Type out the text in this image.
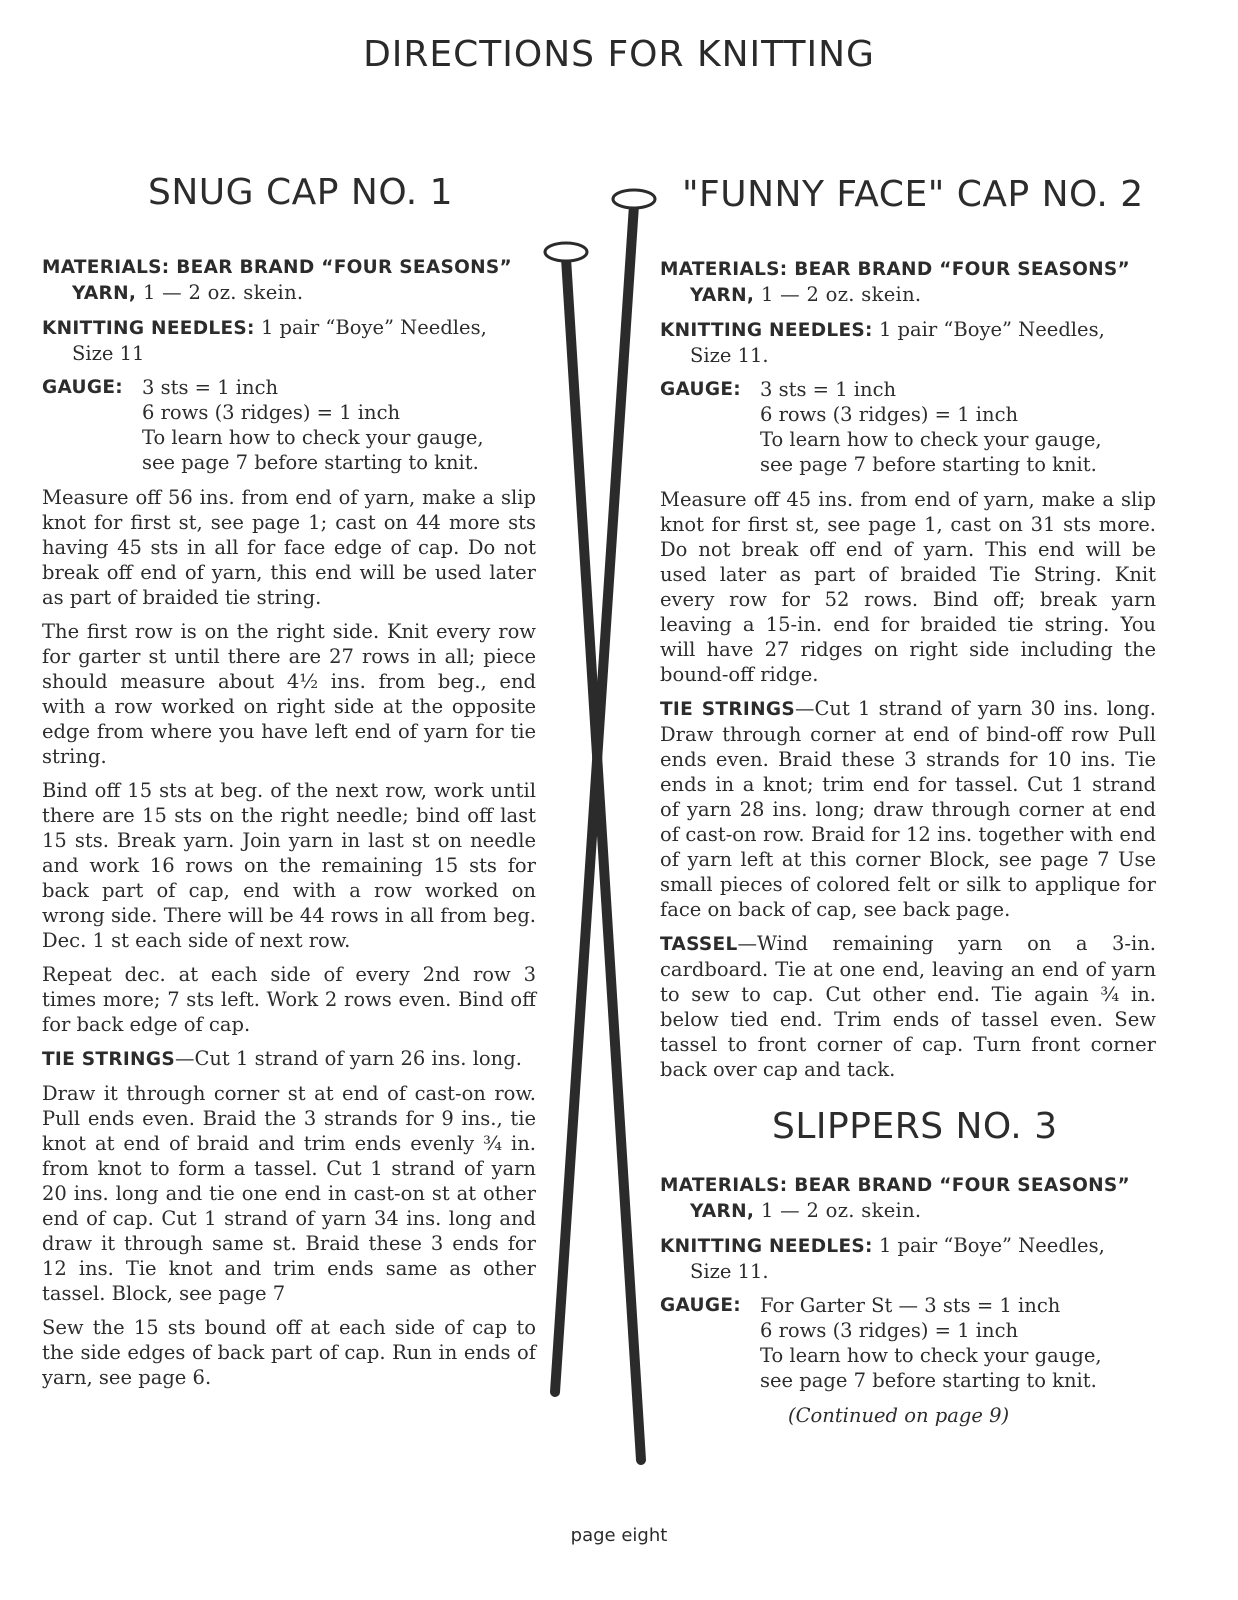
DIRECTIONS FOR KNITTING
SNUG CAP NO. 1
MATERIALS: BEAR BRAND “FOUR SEASONS”
YARN, 1 — 2 oz. skein.
KNITTING NEEDLES: 1 pair “Boye” Needles,
Size 11
GAUGE: 3 sts = 1 inch
6 rows (3 ridges) = 1 inch
To learn how to check your gauge,
see page 7 before starting to knit.

Measure off 56 ins. from end of yarn, make a slip knot for first st, see page 1; cast on 44 more sts having 45 sts in all for face edge of cap. Do not break off end of yarn, this end will be used later as part of braided tie string.

The first row is on the right side. Knit every row for garter st until there are 27 rows in all; piece should measure about 4½ ins. from beg., end with a row worked on right side at the opposite edge from where you have left end of yarn for tie string.

Bind off 15 sts at beg. of the next row, work until there are 15 sts on the right needle; bind off last 15 sts. Break yarn. Join yarn in last st on needle and work 16 rows on the remaining 15 sts for back part of cap, end with a row worked on wrong side. There will be 44 rows in all from beg. Dec. 1 st each side of next row.

Repeat dec. at each side of every 2nd row 3 times more; 7 sts left. Work 2 rows even. Bind off for back edge of cap.

TIE STRINGS—Cut 1 strand of yarn 26 ins. long.

Draw it through corner st at end of cast-on row. Pull ends even. Braid the 3 strands for 9 ins., tie knot at end of braid and trim ends evenly ¾ in. from knot to form a tassel. Cut 1 strand of yarn 20 ins. long and tie one end in cast-on st at other end of cap. Cut 1 strand of yarn 34 ins. long and draw it through same st. Braid these 3 ends for 12 ins. Tie knot and trim ends same as other tassel. Block, see page 7

Sew the 15 sts bound off at each side of cap to the side edges of back part of cap. Run in ends of yarn, see page 6.

"FUNNY FACE" CAP NO. 2
MATERIALS: BEAR BRAND “FOUR SEASONS”
YARN, 1 — 2 oz. skein.
KNITTING NEEDLES: 1 pair “Boye” Needles,
Size 11.
GAUGE: 3 sts = 1 inch
6 rows (3 ridges) = 1 inch
To learn how to check your gauge,
see page 7 before starting to knit.

Measure off 45 ins. from end of yarn, make a slip knot for first st, see page 1, cast on 31 sts more. Do not break off end of yarn. This end will be used later as part of braided Tie String. Knit every row for 52 rows. Bind off; break yarn leaving a 15-in. end for braided tie string. You will have 27 ridges on right side including the bound-off ridge.

TIE STRINGS—Cut 1 strand of yarn 30 ins. long. Draw through corner at end of bind-off row Pull ends even. Braid these 3 strands for 10 ins. Tie ends in a knot; trim end for tassel. Cut 1 strand of yarn 28 ins. long; draw through corner at end of cast-on row. Braid for 12 ins. together with end of yarn left at this corner Block, see page 7 Use small pieces of colored felt or silk to applique for face on back of cap, see back page.

TASSEL—Wind remaining yarn on a 3-in. cardboard. Tie at one end, leaving an end of yarn to sew to cap. Cut other end. Tie again ¾ in. below tied end. Trim ends of tassel even. Sew tassel to front corner of cap. Turn front corner back over cap and tack.

SLIPPERS NO. 3
MATERIALS: BEAR BRAND “FOUR SEASONS”
YARN, 1 — 2 oz. skein.
KNITTING NEEDLES: 1 pair “Boye” Needles,
Size 11.
GAUGE: For Garter St — 3 sts = 1 inch
6 rows (3 ridges) = 1 inch
To learn how to check your gauge,
see page 7 before starting to knit.
(Continued on page 9)
page eight
